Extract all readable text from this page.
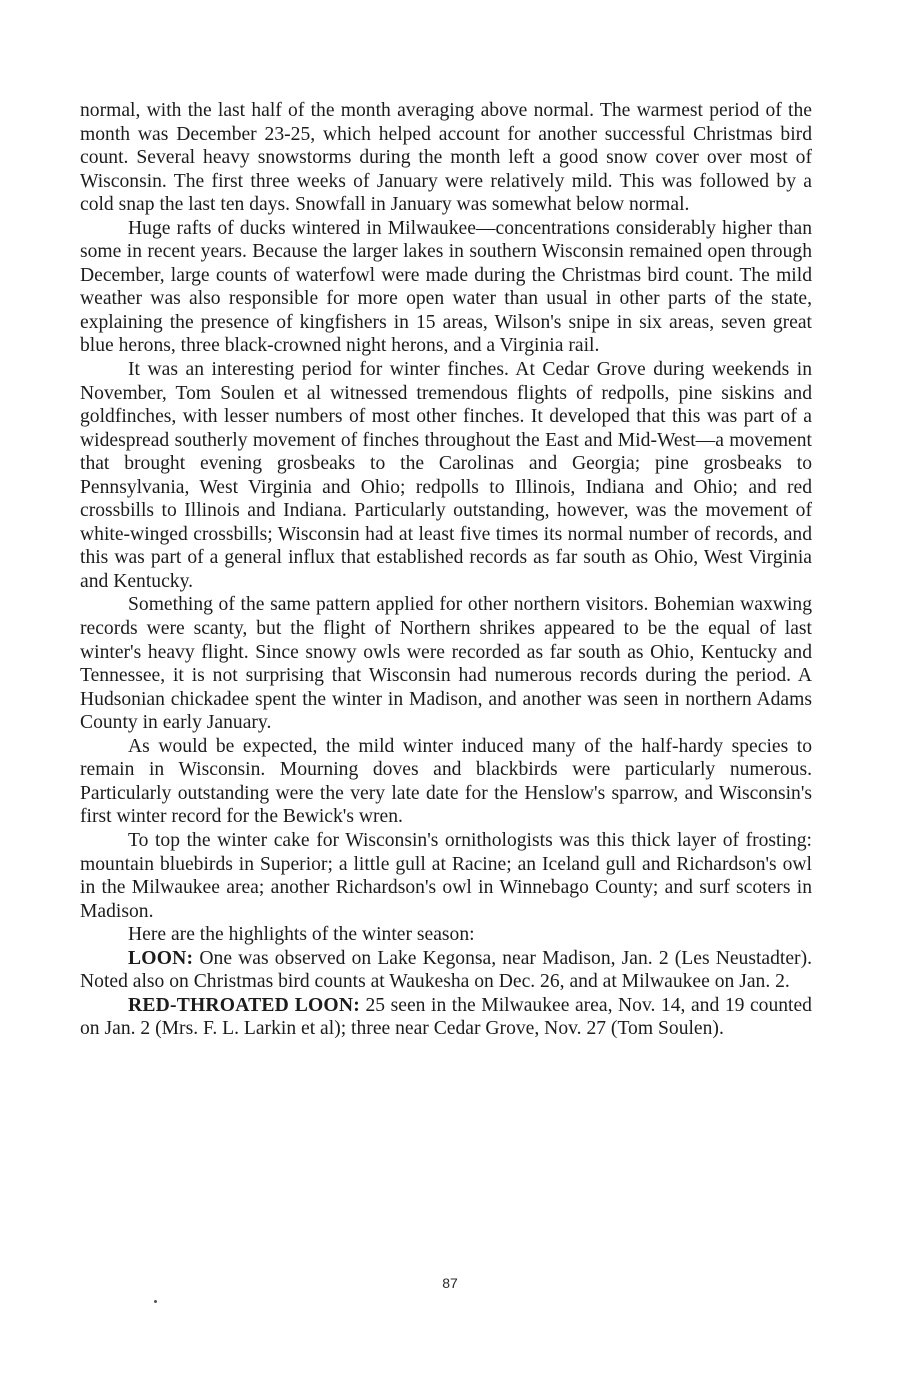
normal, with the last half of the month averaging above normal. The warmest period of the month was December 23-25, which helped account for another successful Christmas bird count. Several heavy snowstorms during the month left a good snow cover over most of Wisconsin. The first three weeks of January were relatively mild. This was followed by a cold snap the last ten days. Snowfall in January was somewhat below normal.

Huge rafts of ducks wintered in Milwaukee—concentrations considerably higher than some in recent years. Because the larger lakes in southern Wisconsin remained open through December, large counts of waterfowl were made during the Christmas bird count. The mild weather was also responsible for more open water than usual in other parts of the state, explaining the presence of kingfishers in 15 areas, Wilson's snipe in six areas, seven great blue herons, three black-crowned night herons, and a Virginia rail.

It was an interesting period for winter finches. At Cedar Grove during weekends in November, Tom Soulen et al witnessed tremendous flights of redpolls, pine siskins and goldfinches, with lesser numbers of most other finches. It developed that this was part of a widespread southerly movement of finches throughout the East and Mid-West—a movement that brought evening grosbeaks to the Carolinas and Georgia; pine grosbeaks to Pennsylvania, West Virginia and Ohio; redpolls to Illinois, Indiana and Ohio; and red crossbills to Illinois and Indiana. Particularly outstanding, however, was the movement of white-winged crossbills; Wisconsin had at least five times its normal number of records, and this was part of a general influx that established records as far south as Ohio, West Virginia and Kentucky.

Something of the same pattern applied for other northern visitors. Bohemian waxwing records were scanty, but the flight of Northern shrikes appeared to be the equal of last winter's heavy flight. Since snowy owls were recorded as far south as Ohio, Kentucky and Tennessee, it is not surprising that Wisconsin had numerous records during the period. A Hudsonian chickadee spent the winter in Madison, and another was seen in northern Adams County in early January.

As would be expected, the mild winter induced many of the half-hardy species to remain in Wisconsin. Mourning doves and blackbirds were particularly numerous. Particularly outstanding were the very late date for the Henslow's sparrow, and Wisconsin's first winter record for the Bewick's wren.

To top the winter cake for Wisconsin's ornithologists was this thick layer of frosting: mountain bluebirds in Superior; a little gull at Racine; an Iceland gull and Richardson's owl in the Milwaukee area; another Richardson's owl in Winnebago County; and surf scoters in Madison.

Here are the highlights of the winter season:

LOON: One was observed on Lake Kegonsa, near Madison, Jan. 2 (Les Neustadter). Noted also on Christmas bird counts at Waukesha on Dec. 26, and at Milwaukee on Jan. 2.

RED-THROATED LOON: 25 seen in the Milwaukee area, Nov. 14, and 19 counted on Jan. 2 (Mrs. F. L. Larkin et al); three near Cedar Grove, Nov. 27 (Tom Soulen).

87
